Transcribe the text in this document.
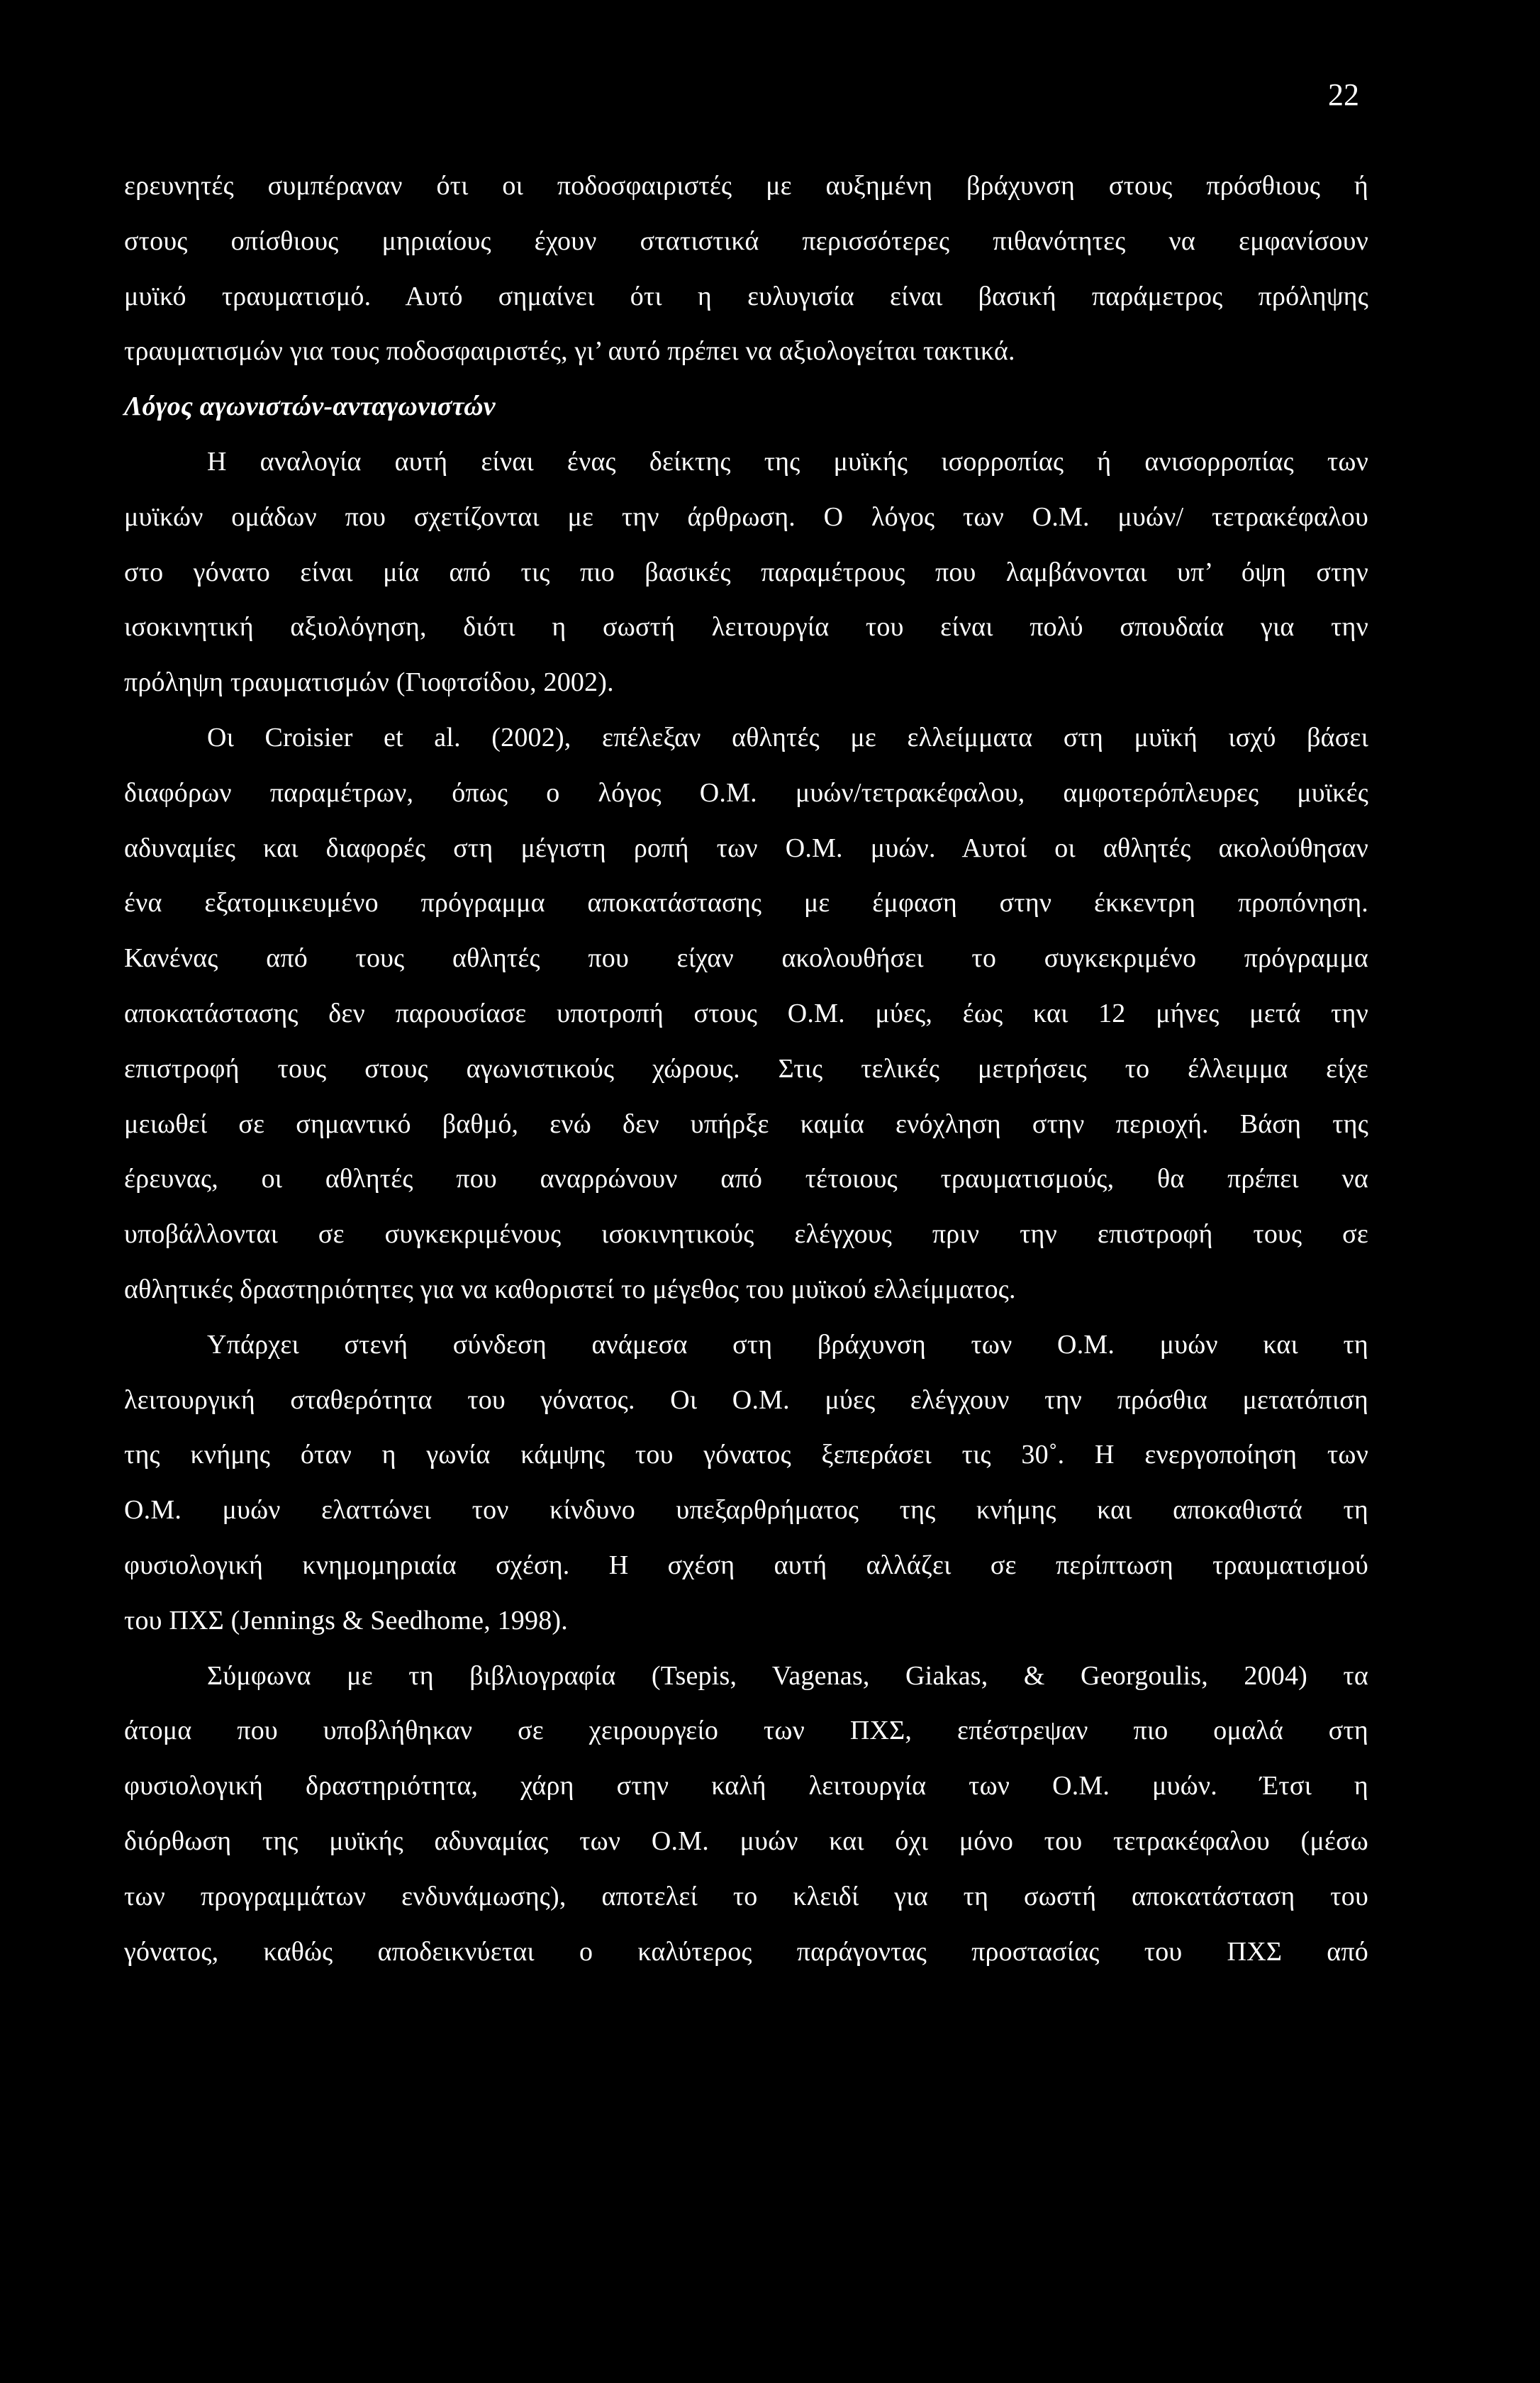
22
ερευνητές συμπέραναν ότι οι ποδοσφαιριστές με αυξημένη βράχυνση στους πρόσθιους ή
στους οπίσθιους μηριαίους έχουν στατιστικά περισσότερες πιθανότητες να εμφανίσουν
μυϊκό τραυματισμό. Αυτό σημαίνει ότι η ευλυγισία είναι βασική παράμετρος πρόληψης
τραυματισμών για τους ποδοσφαιριστές, γι’ αυτό πρέπει να αξιολογείται τακτικά.
Λόγος αγωνιστών-ανταγωνιστών
Η αναλογία αυτή είναι ένας δείκτης της μυϊκής ισορροπίας ή ανισορροπίας των
μυϊκών ομάδων που σχετίζονται με την άρθρωση. Ο λόγος των Ο.Μ. μυών/ τετρακέφαλου
στο γόνατο είναι μία από τις πιο βασικές παραμέτρους που λαμβάνονται υπ’ όψη στην
ισοκινητική αξιολόγηση, διότι η σωστή λειτουργία του είναι πολύ σπουδαία για την
πρόληψη τραυματισμών (Γιοφτσίδου, 2002).
Οι Croisier et al. (2002), επέλεξαν αθλητές με ελλείμματα στη μυϊκή ισχύ βάσει
διαφόρων παραμέτρων, όπως ο λόγος Ο.Μ. μυών/τετρακέφαλου, αμφοτερόπλευρες μυϊκές
αδυναμίες και διαφορές στη μέγιστη ροπή των Ο.Μ. μυών. Αυτοί οι αθλητές ακολούθησαν
ένα εξατομικευμένο πρόγραμμα αποκατάστασης με έμφαση στην έκκεντρη προπόνηση.
Κανένας από τους αθλητές που είχαν ακολουθήσει το συγκεκριμένο πρόγραμμα
αποκατάστασης δεν παρουσίασε υποτροπή στους Ο.Μ. μύες, έως και 12 μήνες μετά την
επιστροφή τους στους αγωνιστικούς χώρους. Στις τελικές μετρήσεις το έλλειμμα είχε
μειωθεί σε σημαντικό βαθμό, ενώ δεν υπήρξε καμία ενόχληση στην περιοχή. Βάση της
έρευνας, οι αθλητές που αναρρώνουν από τέτοιους τραυματισμούς, θα πρέπει να
υποβάλλονται σε συγκεκριμένους ισοκινητικούς ελέγχους πριν την επιστροφή τους σε
αθλητικές δραστηριότητες για να καθοριστεί το μέγεθος του μυϊκού ελλείμματος.
Υπάρχει στενή σύνδεση ανάμεσα στη βράχυνση των Ο.Μ. μυών και τη
λειτουργική σταθερότητα του γόνατος. Οι Ο.Μ. μύες ελέγχουν την πρόσθια μετατόπιση
της κνήμης όταν η γωνία κάμψης του γόνατος ξεπεράσει τις 30˚. Η ενεργοποίηση των
Ο.Μ. μυών ελαττώνει τον κίνδυνο υπεξαρθρήματος της κνήμης και αποκαθιστά τη
φυσιολογική κνημομηριαία σχέση. Η σχέση αυτή αλλάζει σε περίπτωση τραυματισμού
του ΠΧΣ (Jennings & Seedhome, 1998).
Σύμφωνα με τη βιβλιογραφία (Tsepis, Vagenas, Giakas, & Georgoulis, 2004) τα
άτομα που υποβλήθηκαν σε χειρουργείο των ΠΧΣ, επέστρεψαν πιο ομαλά στη
φυσιολογική δραστηριότητα, χάρη στην καλή λειτουργία των Ο.Μ. μυών. Έτσι η
διόρθωση της μυϊκής αδυναμίας των Ο.Μ. μυών και όχι μόνο του τετρακέφαλου (μέσω
των προγραμμάτων ενδυνάμωσης), αποτελεί το κλειδί για τη σωστή αποκατάσταση του
γόνατος, καθώς αποδεικνύεται ο καλύτερος παράγοντας προστασίας του ΠΧΣ από
